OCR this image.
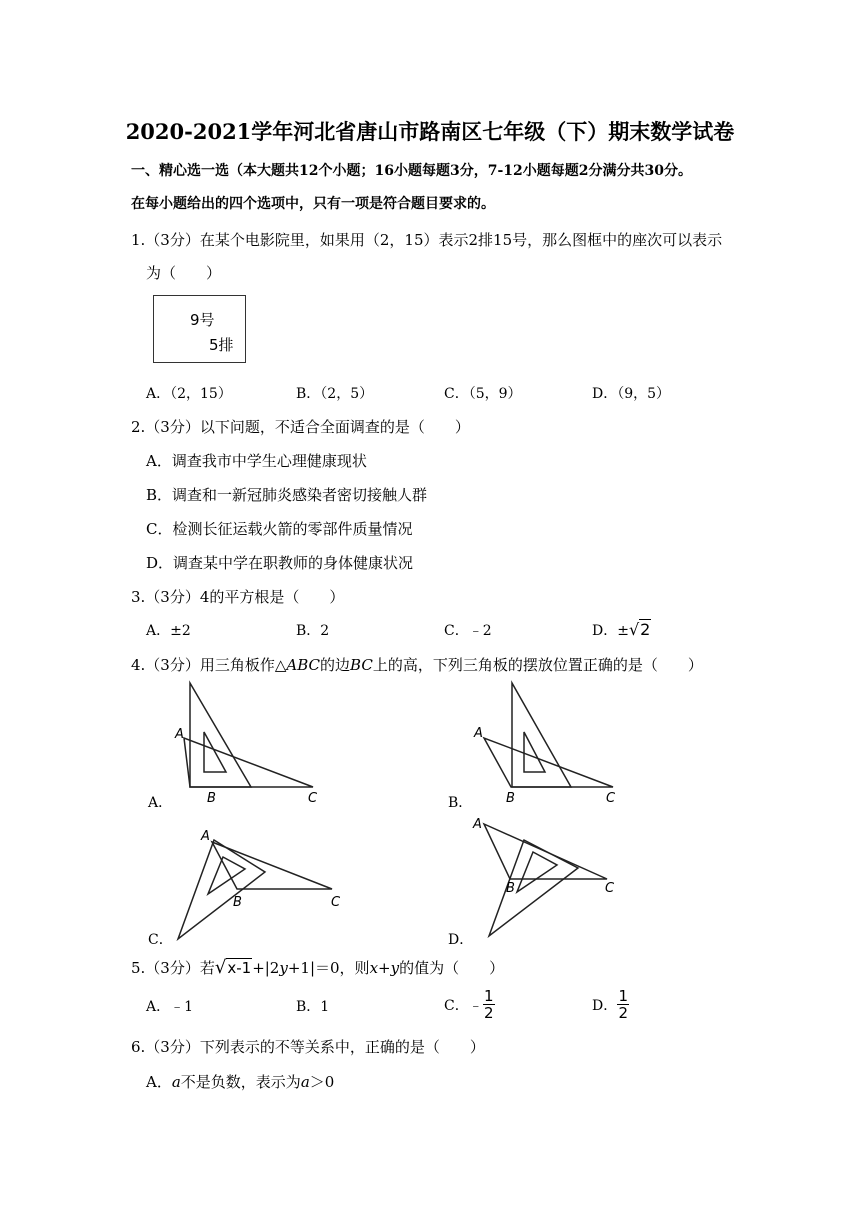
2020-2021学年河北省唐山市路南区七年级（下）期末数学试卷
一、精心选一选（本大题共12个小题；16小题每题3分，7-12小题每题2分满分共30分。
在每小题给出的四个选项中，只有一项是符合题目要求的。
1.（3分）在某个电影院里，如果用（2，15）表示2排15号，那么图框中的座次可以表示
为（　　）
9号
5排
A．（2，15）	B．（2，5）	C．（5，9）	D．（9，5）
2.（3分）以下问题，不适合全面调查的是（　　）
A．调查我市中学生心理健康现状
B．调查和一新冠肺炎感染者密切接触人群
C．检测长征运载火箭的零部件质量情况
D．调查某中学在职教师的身体健康状况
3.（3分）4的平方根是（　　）
A．±2	B．2	C．﹣2	D．±√2
4.（3分）用三角板作△ABC的边BC上的高，下列三角板的摆放位置正确的是（　　）
A
B	C
A．
A
B	C
B．
A
B	C
C．
A
B	C
D．
5.（3分）若 √ x-1 +|2 y +1|＝0，则 x+y 的值为（　　）
A．﹣1	B．1	C．﹣ $\frac{1}{2}$	D． $\frac{1}{2}$
6.（3分）下列表示的不等关系中，正确的是（　　）
A．a不是负数，表示为a＞0
